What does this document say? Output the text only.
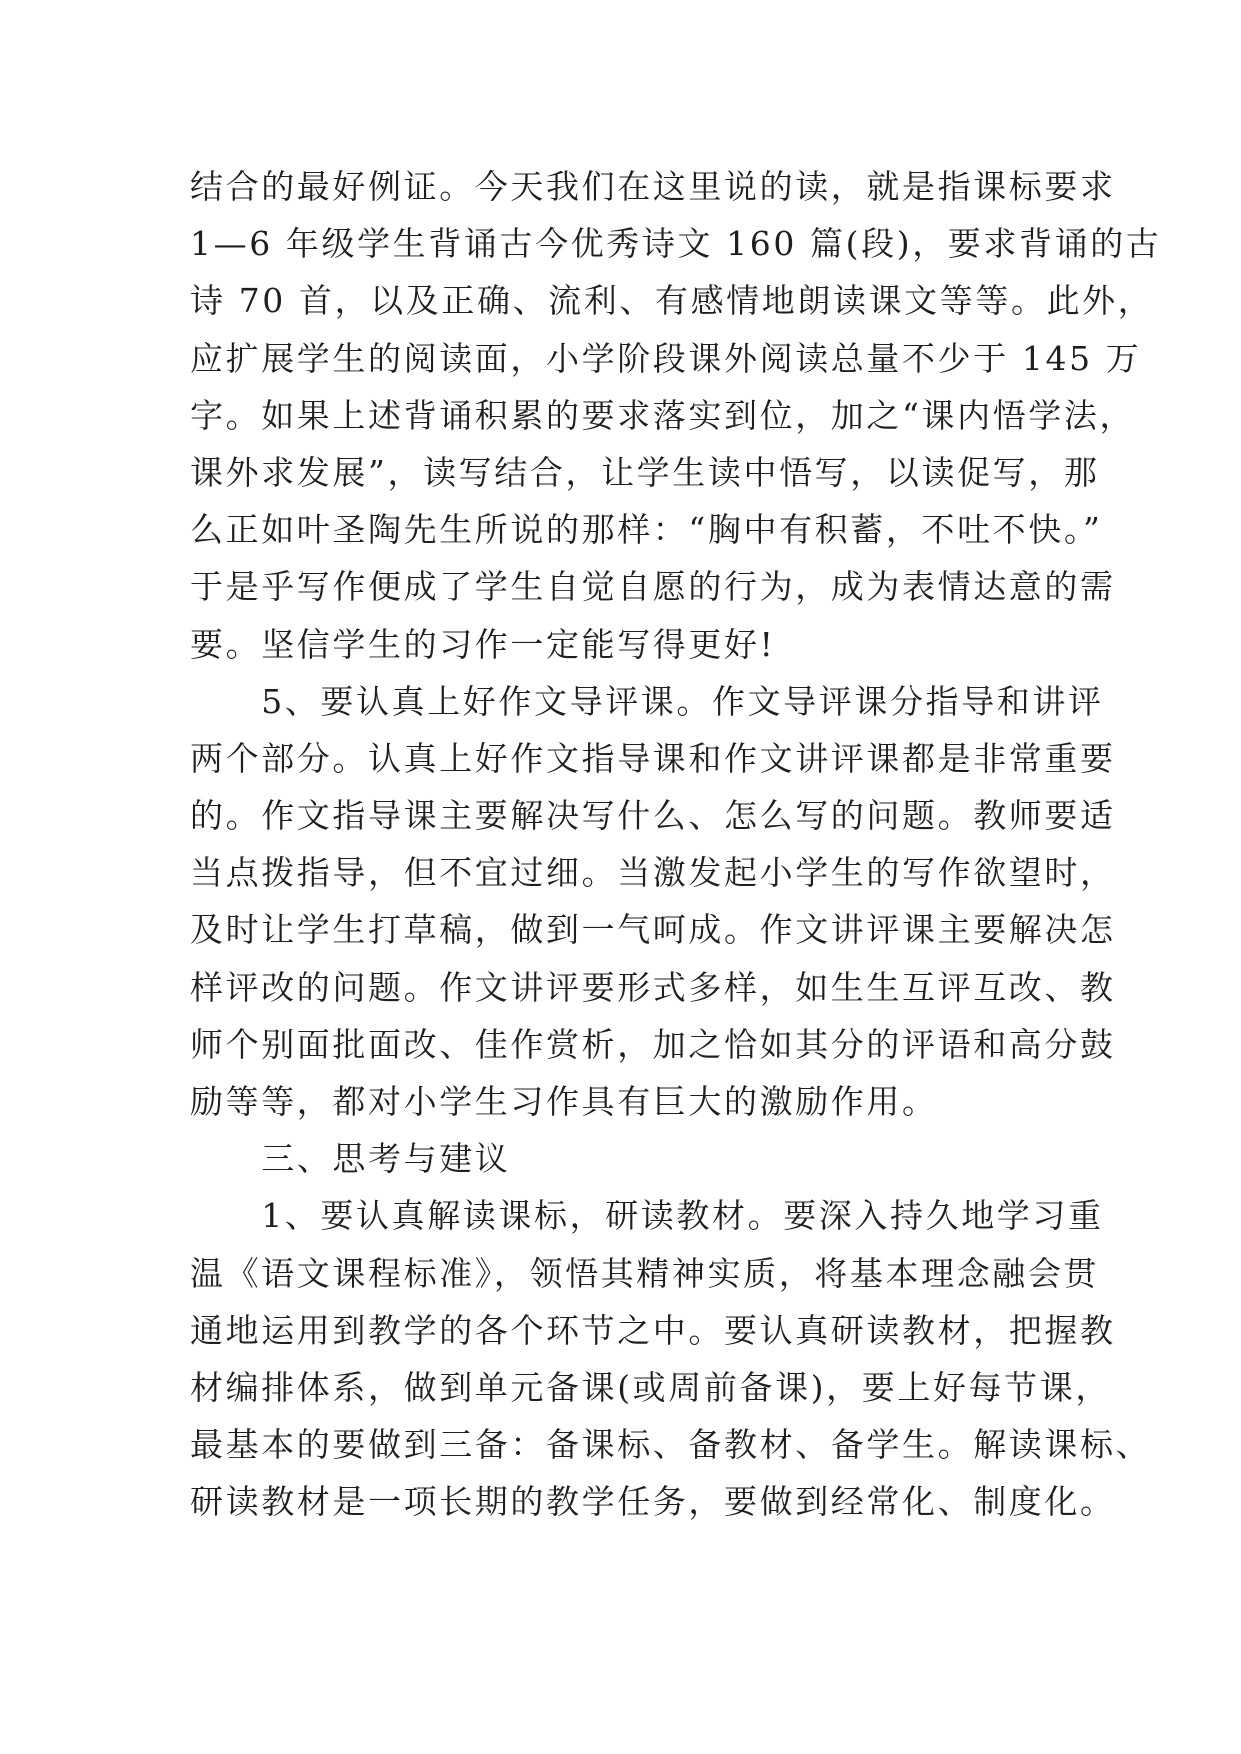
结合的最好例证。今天我们在这里说的读，就是指课标要求
1—6 年级学生背诵古今优秀诗文 160 篇(段)，要求背诵的古
诗 70 首，以及正确、流利、有感情地朗读课文等等。此外，
应扩展学生的阅读面，小学阶段课外阅读总量不少于 145 万
字。如果上述背诵积累的要求落实到位，加之“课内悟学法，
课外求发展”，读写结合，让学生读中悟写，以读促写，那
么正如叶圣陶先生所说的那样：“胸中有积蓄，不吐不快。”
于是乎写作便成了学生自觉自愿的行为，成为表情达意的需
要。坚信学生的习作一定能写得更好!
　　5、要认真上好作文导评课。作文导评课分指导和讲评
两个部分。认真上好作文指导课和作文讲评课都是非常重要
的。作文指导课主要解决写什么、怎么写的问题。教师要适
当点拨指导，但不宜过细。当激发起小学生的写作欲望时，
及时让学生打草稿，做到一气呵成。作文讲评课主要解决怎
样评改的问题。作文讲评要形式多样，如生生互评互改、教
师个别面批面改、佳作赏析，加之恰如其分的评语和高分鼓
励等等，都对小学生习作具有巨大的激励作用。
　　三、思考与建议
　　1、要认真解读课标，研读教材。要深入持久地学习重
温《语文课程标准》，领悟其精神实质，将基本理念融会贯
通地运用到教学的各个环节之中。要认真研读教材，把握教
材编排体系，做到单元备课(或周前备课)，要上好每节课，
最基本的要做到三备：备课标、备教材、备学生。解读课标、
研读教材是一项长期的教学任务，要做到经常化、制度化。
